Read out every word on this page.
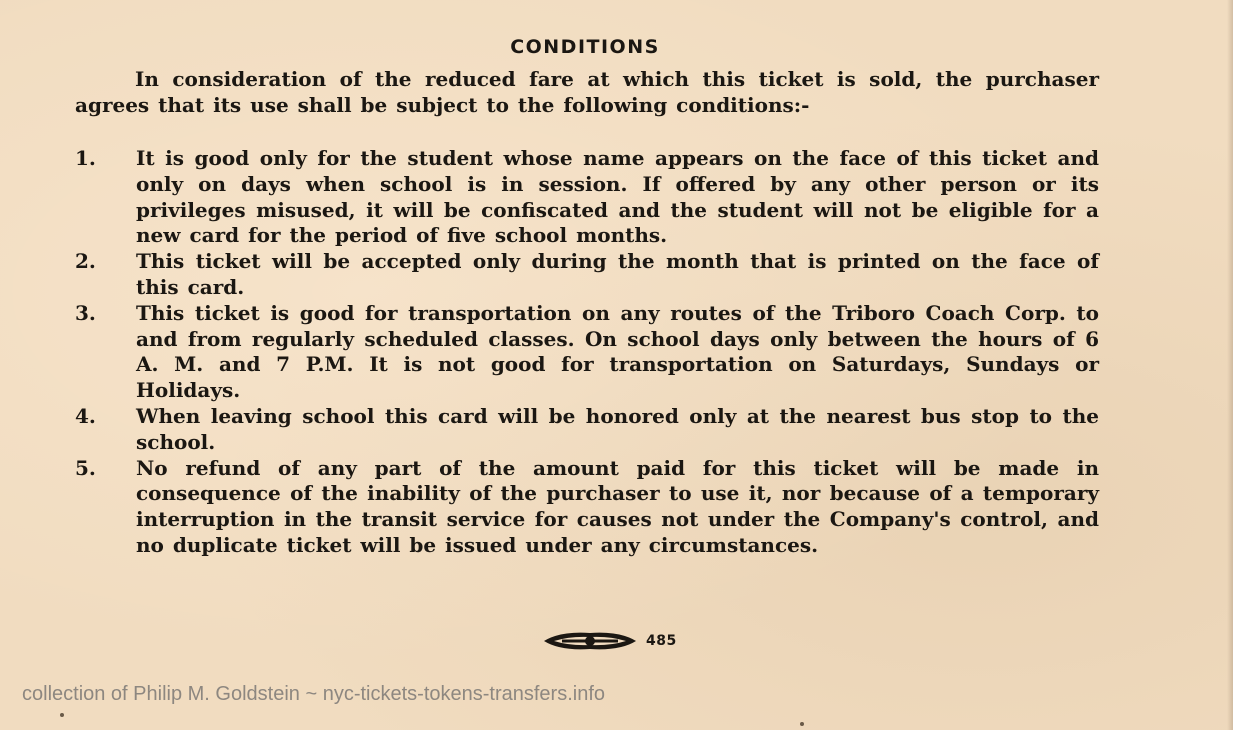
CONDITIONS
In consideration of the reduced fare at which this ticket is sold, the purchaser agrees that its use shall be subject to the following conditions:-
1. It is good only for the student whose name appears on the face of this ticket and only on days when school is in session. If offered by any other person or its privileges misused, it will be confiscated and the student will not be eligible for a new card for the period of five school months.
2. This ticket will be accepted only during the month that is printed on the face of this card.
3. This ticket is good for transportation on any routes of the Triboro Coach Corp. to and from regularly scheduled classes. On school days only between the hours of 6 A. M. and 7 P.M. It is not good for transportation on Saturdays, Sundays or Holidays.
4. When leaving school this card will be honored only at the nearest bus stop to the school.
5. No refund of any part of the amount paid for this ticket will be made in consequence of the inability of the purchaser to use it, nor because of a temporary interruption in the transit service for causes not under the Company's control, and no duplicate ticket will be issued under any circumstances.
485
collection of Philip M. Goldstein ~ nyc-tickets-tokens-transfers.info
